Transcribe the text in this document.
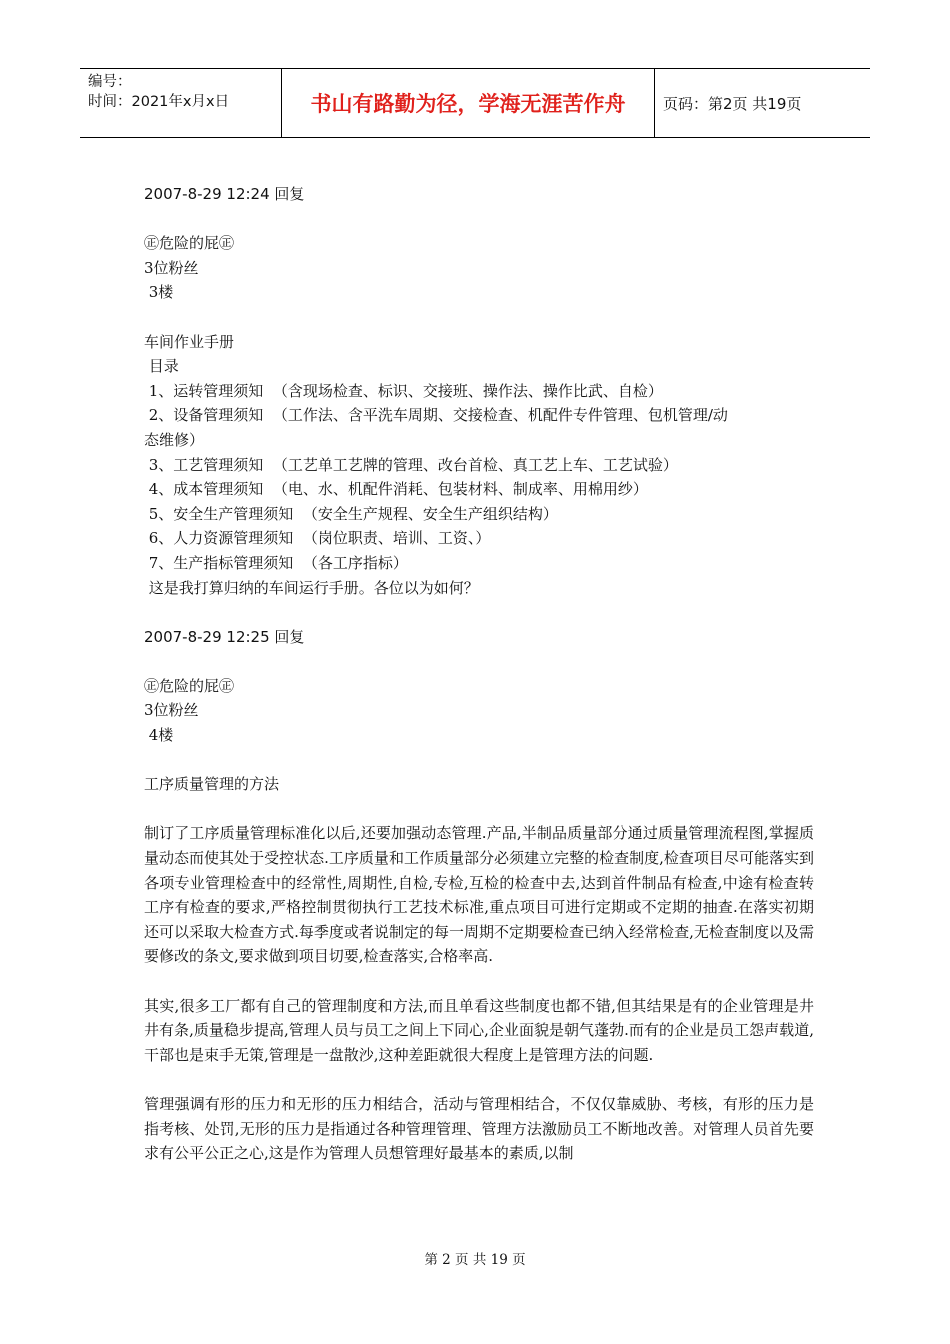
编号：
时间：2021年x月x日	书山有路勤为径，学海无涯苦作舟	页码：第2页 共19页
2007-8-29 12:24 回复
㊣危险的屁㊣
3位粉丝
3楼
车间作业手册
目录
1、运转管理须知  （含现场检查、标识、交接班、操作法、操作比武、自检）
2、设备管理须知  （工作法、含平洗车周期、交接检查、机配件专件管理、包机管理/动
态维修）
3、工艺管理须知  （工艺单工艺牌的管理、改台首检、真工艺上车、工艺试验）
4、成本管理须知  （电、水、机配件消耗、包装材料、制成率、用棉用纱）
5、安全生产管理须知  （安全生产规程、安全生产组织结构）
6、人力资源管理须知  （岗位职责、培训、工资、）
7、生产指标管理须知  （各工序指标）
这是我打算归纳的车间运行手册。各位以为如何？
2007-8-29 12:25 回复
㊣危险的屁㊣
3位粉丝
4楼
工序质量管理的方法

制订了工序质量管理标准化以后,还要加强动态管理.产品,半制品质量部分通过质量管理流程图,掌握质量动态而使其处于受控状态.工序质量和工作质量部分必须建立完整的检查制度,检查项目尽可能落实到各项专业管理检查中的经常性,周期性,自检,专检,互检的检查中去,达到首件制品有检查,中途有检查转工序有检查的要求,严格控制贯彻执行工艺技术标准,重点项目可进行定期或不定期的抽查.在落实初期还可以采取大检查方式.每季度或者说制定的每一周期不定期要检查已纳入经常检查,无检查制度以及需要修改的条文,要求做到项目切要,检查落实,合格率高.

其实,很多工厂都有自己的管理制度和方法,而且单看这些制度也都不错,但其结果是有的企业管理是井井有条,质量稳步提高,管理人员与员工之间上下同心,企业面貌是朝气蓬勃.而有的企业是员工怨声载道,干部也是束手无策,管理是一盘散沙,这种差距就很大程度上是管理方法的问题.

管理强调有形的压力和无形的压力相结合，活动与管理相结合，不仅仅靠威胁、考核，有形的压力是指考核、处罚,无形的压力是指通过各种管理管理、管理方法激励员工不断地改善。对管理人员首先要求有公平公正之心,这是作为管理人员想管理好最基本的素质,以制

第 2 页 共 19 页
